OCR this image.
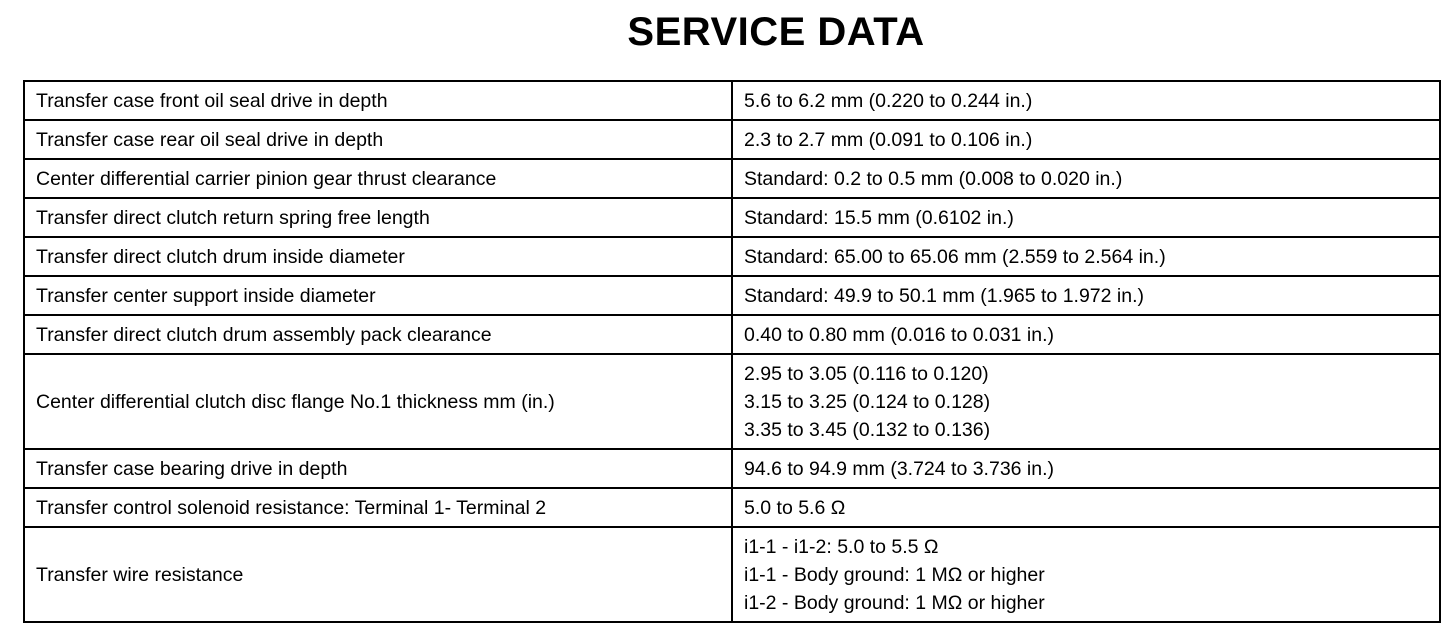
SERVICE DATA
Transfer case front oil seal drive in depth	5.6 to 6.2 mm (0.220 to 0.244 in.)

Transfer case rear oil seal drive in depth	2.3 to 2.7 mm (0.091 to 0.106 in.)

Center differential carrier pinion gear thrust clearance	Standard: 0.2 to 0.5 mm (0.008 to 0.020 in.)

Transfer direct clutch return spring free length	Standard: 15.5 mm (0.6102 in.)

Transfer direct clutch drum inside diameter	Standard: 65.00 to 65.06 mm (2.559 to 2.564 in.)

Transfer center support inside diameter	Standard: 49.9 to 50.1 mm (1.965 to 1.972 in.)

Transfer direct clutch drum assembly pack clearance	0.40 to 0.80 mm (0.016 to 0.031 in.)

Center differential clutch disc flange No.1 thickness mm (in.)	2.95 to 3.05 (0.116 to 0.120)
3.15 to 3.25 (0.124 to 0.128)
3.35 to 3.45 (0.132 to 0.136)

Transfer case bearing drive in depth	94.6 to 94.9 mm (3.724 to 3.736 in.)

Transfer control solenoid resistance: Terminal 1- Terminal 2	5.0 to 5.6 Ω

Transfer wire resistance	i1-1 - i1-2: 5.0 to 5.5 Ω
i1-1 - Body ground: 1 MΩ or higher
i1-2 - Body ground: 1 MΩ or higher
